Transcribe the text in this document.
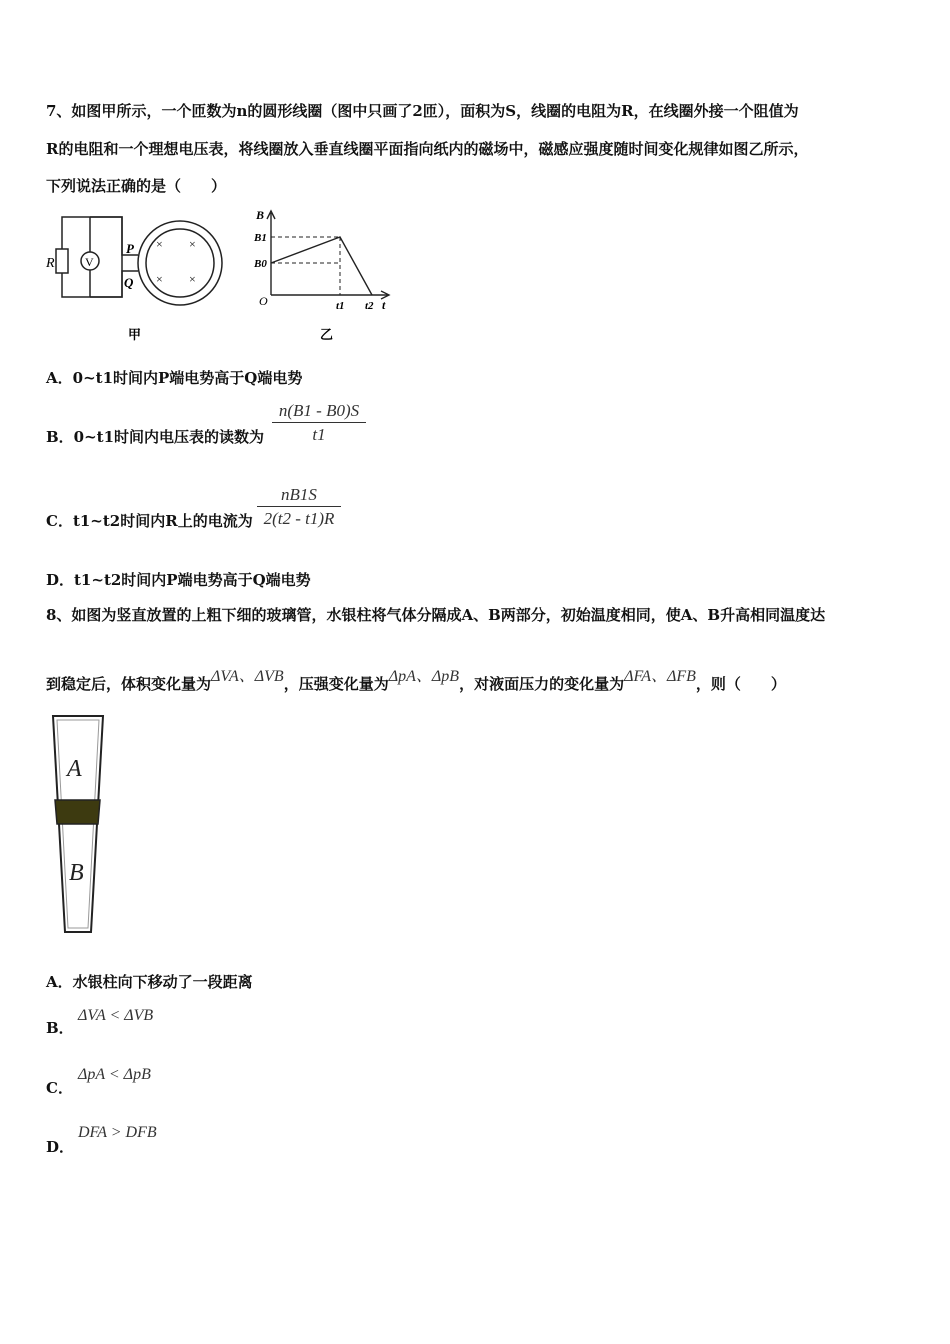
7、如图甲所示，一个匝数为n的圆形线圈（图中只画了2匝），面积为S，线圈的电阻为R，在线圈外接一个阻值为
R的电阻和一个理想电压表，将线圈放入垂直线圈平面指向纸内的磁场中，磁感应强度随时间变化规律如图乙所示，
下列说法正确的是（　　）
R	V
P
Q
× ×
× ×
甲
B
t
O
B1
B0
t1 t2
乙
A．0~t1时间内P端电势高于Q端电势
B．0~t1时间内电压表的读数为 $\frac{n(B1 - B0)S}{t1}$
C．t1~t2时间内R上的电流为 $\frac{nB1S}{2(t2 - t1)R}$
D．t1~t2时间内P端电势高于Q端电势
8、如图为竖直放置的上粗下细的玻璃管，水银柱将气体分隔成A、B两部分，初始温度相同，使A、B升高相同温度达
到稳定后，体积变化量为ΔVA、ΔVB，压强变化量为ΔpA、ΔpB，对液面压力的变化量为ΔFA、ΔFB，则（　　）
A
B
A．水银柱向下移动了一段距离
B．
ΔVA < ΔVB
C．
ΔpA < ΔpB
D．
DFA > DFB
